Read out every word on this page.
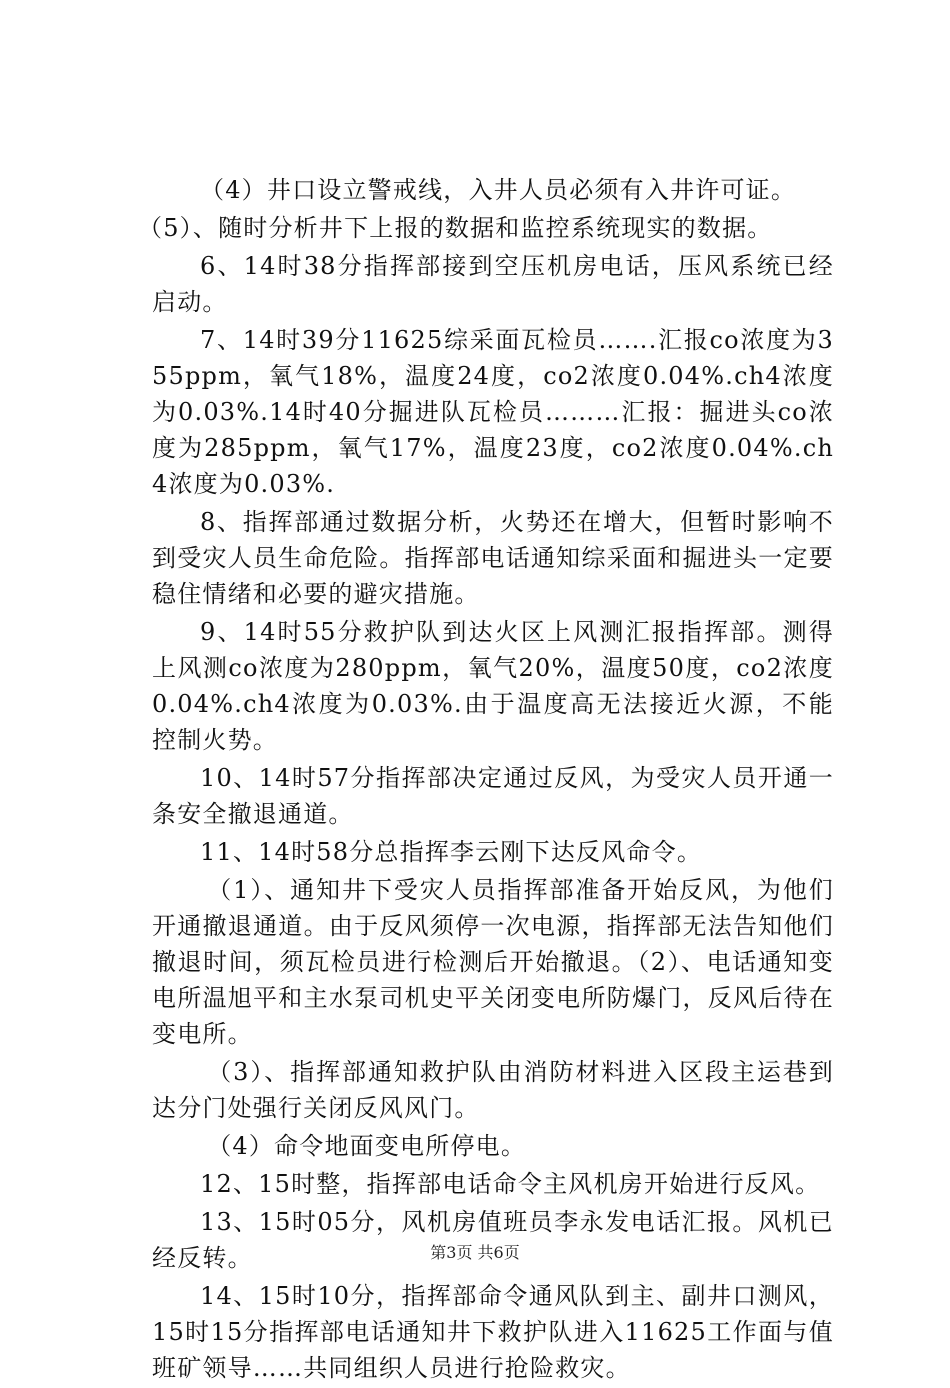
（4）井口设立警戒线，入井人员必须有入井许可证。

（5）、随时分析井下上报的数据和监控系统现实的数据。

6、14时38分指挥部接到空压机房电话，压风系统已经启动。

7、14时39分11625综采面瓦检员…….汇报co浓度为355ppm，氧气18%，温度24度，co2浓度0.04%.ch4浓度为0.03%.14时40分掘进队瓦检员………汇报：掘进头co浓度为285ppm，氧气17%，温度23度，co2浓度0.04%.ch4浓度为0.03%.

8、指挥部通过数据分析，火势还在增大，但暂时影响不到受灾人员生命危险。指挥部电话通知综采面和掘进头一定要稳住情绪和必要的避灾措施。

9、14时55分救护队到达火区上风测汇报指挥部。测得上风测co浓度为280ppm，氧气20%，温度50度，co2浓度0.04%.ch4浓度为0.03%.由于温度高无法接近火源，不能控制火势。

10、14时57分指挥部决定通过反风，为受灾人员开通一条安全撤退通道。

11、14时58分总指挥李云刚下达反风命令。

（1）、通知井下受灾人员指挥部准备开始反风，为他们开通撤退通道。由于反风须停一次电源，指挥部无法告知他们撤退时间，须瓦检员进行检测后开始撤退。（2）、电话通知变电所温旭平和主水泵司机史平关闭变电所防爆门，反风后待在变电所。

（3）、指挥部通知救护队由消防材料进入区段主运巷到达分门处强行关闭反风风门。

（4）命令地面变电所停电。

12、15时整，指挥部电话命令主风机房开始进行反风。

13、15时05分，风机房值班员李永发电话汇报。风机已经反转。

14、15时10分，指挥部命令通风队到主、副井口测风，15时15分指挥部电话通知井下救护队进入11625工作面与值班矿领导……共同组织人员进行抢险救灾。

第3页 共6页
